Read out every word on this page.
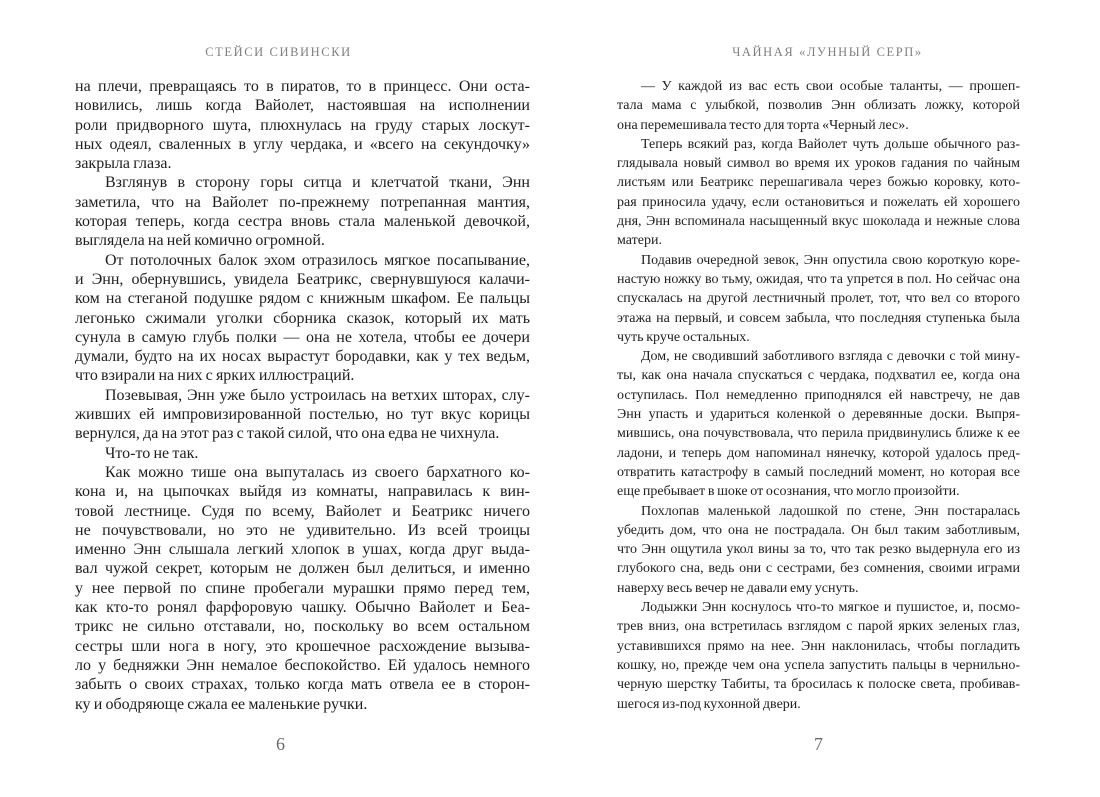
СТЕЙСИ СИВИНСКИ
на плечи, превращаясь то в пиратов, то в принцесс. Они оста-
новились, лишь когда Вайолет, настоявшая на исполнении
роли придворного шута, плюхнулась на груду старых лоскут-
ных одеял, сваленных в углу чердака, и «всего на секундочку»
закрыла глаза.
Взглянув в сторону горы ситца и клетчатой ткани, Энн
заметила, что на Вайолет по-прежнему потрепанная мантия,
которая теперь, когда сестра вновь стала маленькой девочкой,
выглядела на ней комично огромной.
От потолочных балок эхом отразилось мягкое посапывание,
и Энн, обернувшись, увидела Беатрикс, свернувшуюся калачи-
ком на стеганой подушке рядом с книжным шкафом. Ее пальцы
легонько сжимали уголки сборника сказок, который их мать
сунула в самую глубь полки — она не хотела, чтобы ее дочери
думали, будто на их носах вырастут бородавки, как у тех ведьм,
что взирали на них с ярких иллюстраций.
Позевывая, Энн уже было устроилась на ветхих шторах, слу-
живших ей импровизированной постелью, но тут вкус корицы
вернулся, да на этот раз с такой силой, что она едва не чихнула.
Что-то не так.
Как можно тише она выпуталась из своего бархатного ко-
кона и, на цыпочках выйдя из комнаты, направилась к вин-
товой лестнице. Судя по всему, Вайолет и Беатрикс ничего
не почувствовали, но это не удивительно. Из всей троицы
именно Энн слышала легкий хлопок в ушах, когда друг выда-
вал чужой секрет, которым не должен был делиться, и именно
у нее первой по спине пробегали мурашки прямо перед тем,
как кто-то ронял фарфоровую чашку. Обычно Вайолет и Беа-
трикс не сильно отставали, но, поскольку во всем остальном
сестры шли нога в ногу, это крошечное расхождение вызыва-
ло у бедняжки Энн немалое беспокойство. Ей удалось немного
забыть о своих страхах, только когда мать отвела ее в сторон-
ку и ободряюще сжала ее маленькие ручки.
6
ЧАЙНАЯ «ЛУННЫЙ СЕРП»
— У каждой из вас есть свои особые таланты, — прошеп-
тала мама с улыбкой, позволив Энн облизать ложку, которой
она перемешивала тесто для торта «Черный лес».
Теперь всякий раз, когда Вайолет чуть дольше обычного раз-
глядывала новый символ во время их уроков гадания по чайным
листьям или Беатрикс перешагивала через божью коровку, кото-
рая приносила удачу, если остановиться и пожелать ей хорошего
дня, Энн вспоминала насыщенный вкус шоколада и нежные слова
матери.
Подавив очередной зевок, Энн опустила свою короткую коре-
настую ножку во тьму, ожидая, что та упрется в пол. Но сейчас она
спускалась на другой лестничный пролет, тот, что вел со второго
этажа на первый, и совсем забыла, что последняя ступенька была
чуть круче остальных.
Дом, не сводивший заботливого взгляда с девочки с той мину-
ты, как она начала спускаться с чердака, подхватил ее, когда она
оступилась. Пол немедленно приподнялся ей навстречу, не дав
Энн упасть и удариться коленкой о деревянные доски. Выпря-
мившись, она почувствовала, что перила придвинулись ближе к ее
ладони, и теперь дом напоминал нянечку, которой удалось пред-
отвратить катастрофу в самый последний момент, но которая все
еще пребывает в шоке от осознания, что могло произойти.
Похлопав маленькой ладошкой по стене, Энн постаралась
убедить дом, что она не пострадала. Он был таким заботливым,
что Энн ощутила укол вины за то, что так резко выдернула его из
глубокого сна, ведь они с сестрами, без сомнения, своими играми
наверху весь вечер не давали ему уснуть.
Лодыжки Энн коснулось что-то мягкое и пушистое, и, посмо-
трев вниз, она встретилась взглядом с парой ярких зеленых глаз,
уставившихся прямо на нее. Энн наклонилась, чтобы погладить
кошку, но, прежде чем она успела запустить пальцы в чернильно-
черную шерстку Табиты, та бросилась к полоске света, пробивав-
шегося из-под кухонной двери.
7
